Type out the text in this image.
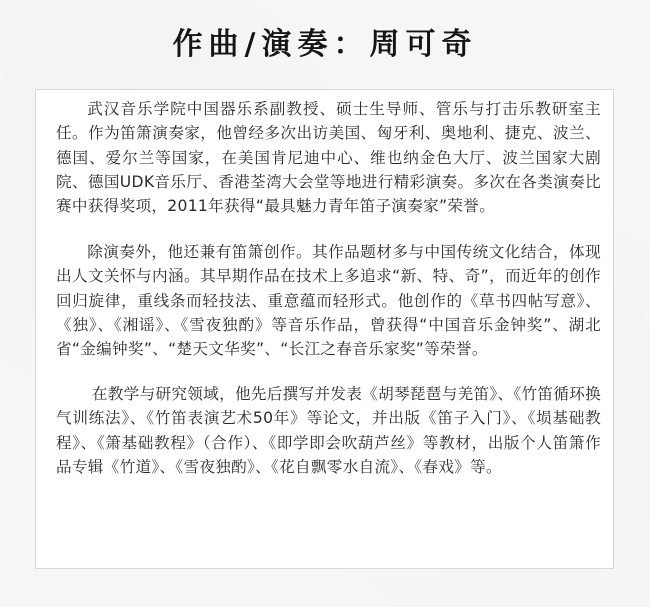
作曲/演奏：周可奇

武汉音乐学院中国器乐系副教授、硕士生导师、管乐与打击乐教研室主任。作为笛箫演奏家，他曾经多次出访美国、匈牙利、奥地利、捷克、波兰、德国、爱尔兰等国家，在美国肯尼迪中心、维也纳金色大厅、波兰国家大剧院、德国UDK音乐厅、香港荃湾大会堂等地进行精彩演奏。多次在各类演奏比赛中获得奖项，2011年获得“最具魅力青年笛子演奏家”荣誉。

除演奏外，他还兼有笛箫创作。其作品题材多与中国传统文化结合，体现出人文关怀与内涵。其早期作品在技术上多追求“新、特、奇”，而近年的创作回归旋律，重线条而轻技法、重意蕴而轻形式。他创作的《草书四帖写意》、《独》、《湘谣》、《雪夜独酌》等音乐作品，曾获得“中国音乐金钟奖”、湖北省“金编钟奖”、“楚天文华奖”、“长江之春音乐家奖”等荣誉。

在教学与研究领域，他先后撰写并发表《胡琴琵琶与羌笛》、《竹笛循环换气训练法》、《竹笛表演艺术50年》等论文，并出版《笛子入门》、《埙基础教程》、《箫基础教程》（合作）、《即学即会吹葫芦丝》等教材，出版个人笛箫作品专辑《竹道》、《雪夜独酌》、《花自飘零水自流》、《春戏》等。
